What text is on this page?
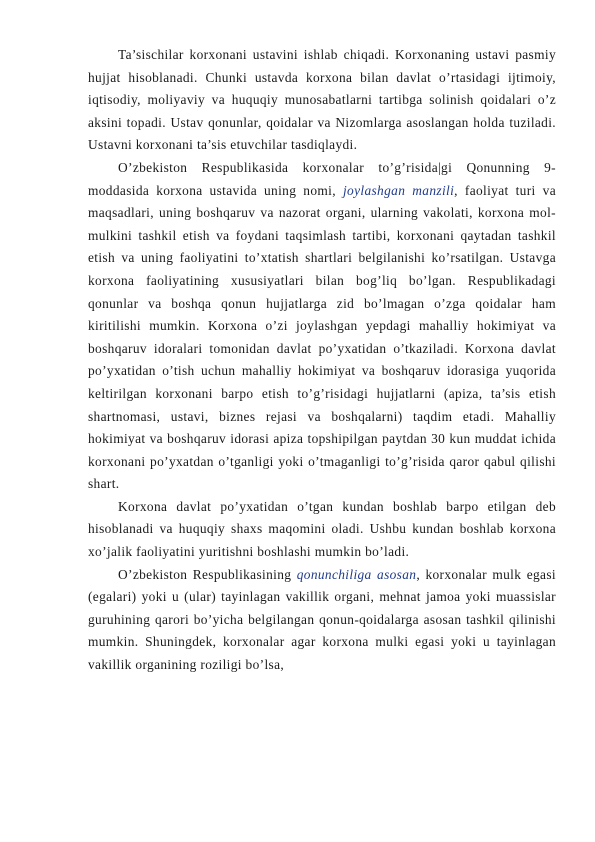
Ta’sischilar korxonani ustavini ishlab chiqadi. Korxonaning ustavi pasmiy hujjat hisoblanadi. Chunki ustavda korxona bilan davlat o’rtasidagi ijtimoiy, iqtisodiy, moliyaviy va huquqiy munosabatlarni tartibga solinish qoidalari o’z aksini topadi. Ustav qonunlar, qoidalar va Nizomlarga asoslangan holda tuziladi. Ustavni korxonani ta’sis etuvchilar tasdiqlaydi.

O’zbekiston Respublikasida korxonalar to’g’risida|gi Qonunning 9-moddasida korxona ustavida uning nomi, joylashgan manzili, faoliyat turi va maqsadlari, uning boshqaruv va nazorat organi, ularning vakolati, korxona mol-mulkini tashkil etish va foydani taqsimlash tartibi, korxonani qaytadan tashkil etish va uning faoliyatini to’xtatish shartlari belgilanishi ko’rsatilgan. Ustavga korxona faoliyatining xususiyatlari bilan bog’liq bo’lgan. Respublikadagi qonunlar va boshqa qonun hujjatlarga zid bo’lmagan o’zga qoidalar ham kiritilishi mumkin. Korxona o’zi joylashgan yepdagi mahalliy hokimiyat va boshqaruv idoralari tomonidan davlat po’yxatidan o’tkaziladi. Korxona davlat po’yxatidan o’tish uchun mahalliy hokimiyat va boshqaruv idorasiga yuqorida keltirilgan korxonani barpo etish to’g’risidagi hujjatlarni (apiza, ta’sis etish shartnomasi, ustavi, biznes rejasi va boshqalarni) taqdim etadi. Mahalliy hokimiyat va boshqaruv idorasi apiza topshipilgan paytdan 30 kun muddat ichida korxonani po’yxatdan o’tganligi yoki o’tmaganligi to’g’risida qaror qabul qilishi shart.

Korxona davlat po’yxatidan o’tgan kundan boshlab barpo etilgan deb hisoblanadi va huquqiy shaxs maqomini oladi. Ushbu kundan boshlab korxona xo’jalik faoliyatini yuritishni boshlashi mumkin bo’ladi.

O’zbekiston Respublikasining qonunchiliga asosan, korxonalar mulk egasi (egalari) yoki u (ular) tayinlagan vakillik organi, mehnat jamoa yoki muassislar guruhining qarori bo’yicha belgilangan qonun-qoidalarga asosan tashkil qilinishi mumkin. Shuningdek, korxonalar agar korxona mulki egasi yoki u tayinlagan vakillik organining roziligi bo’lsa,
